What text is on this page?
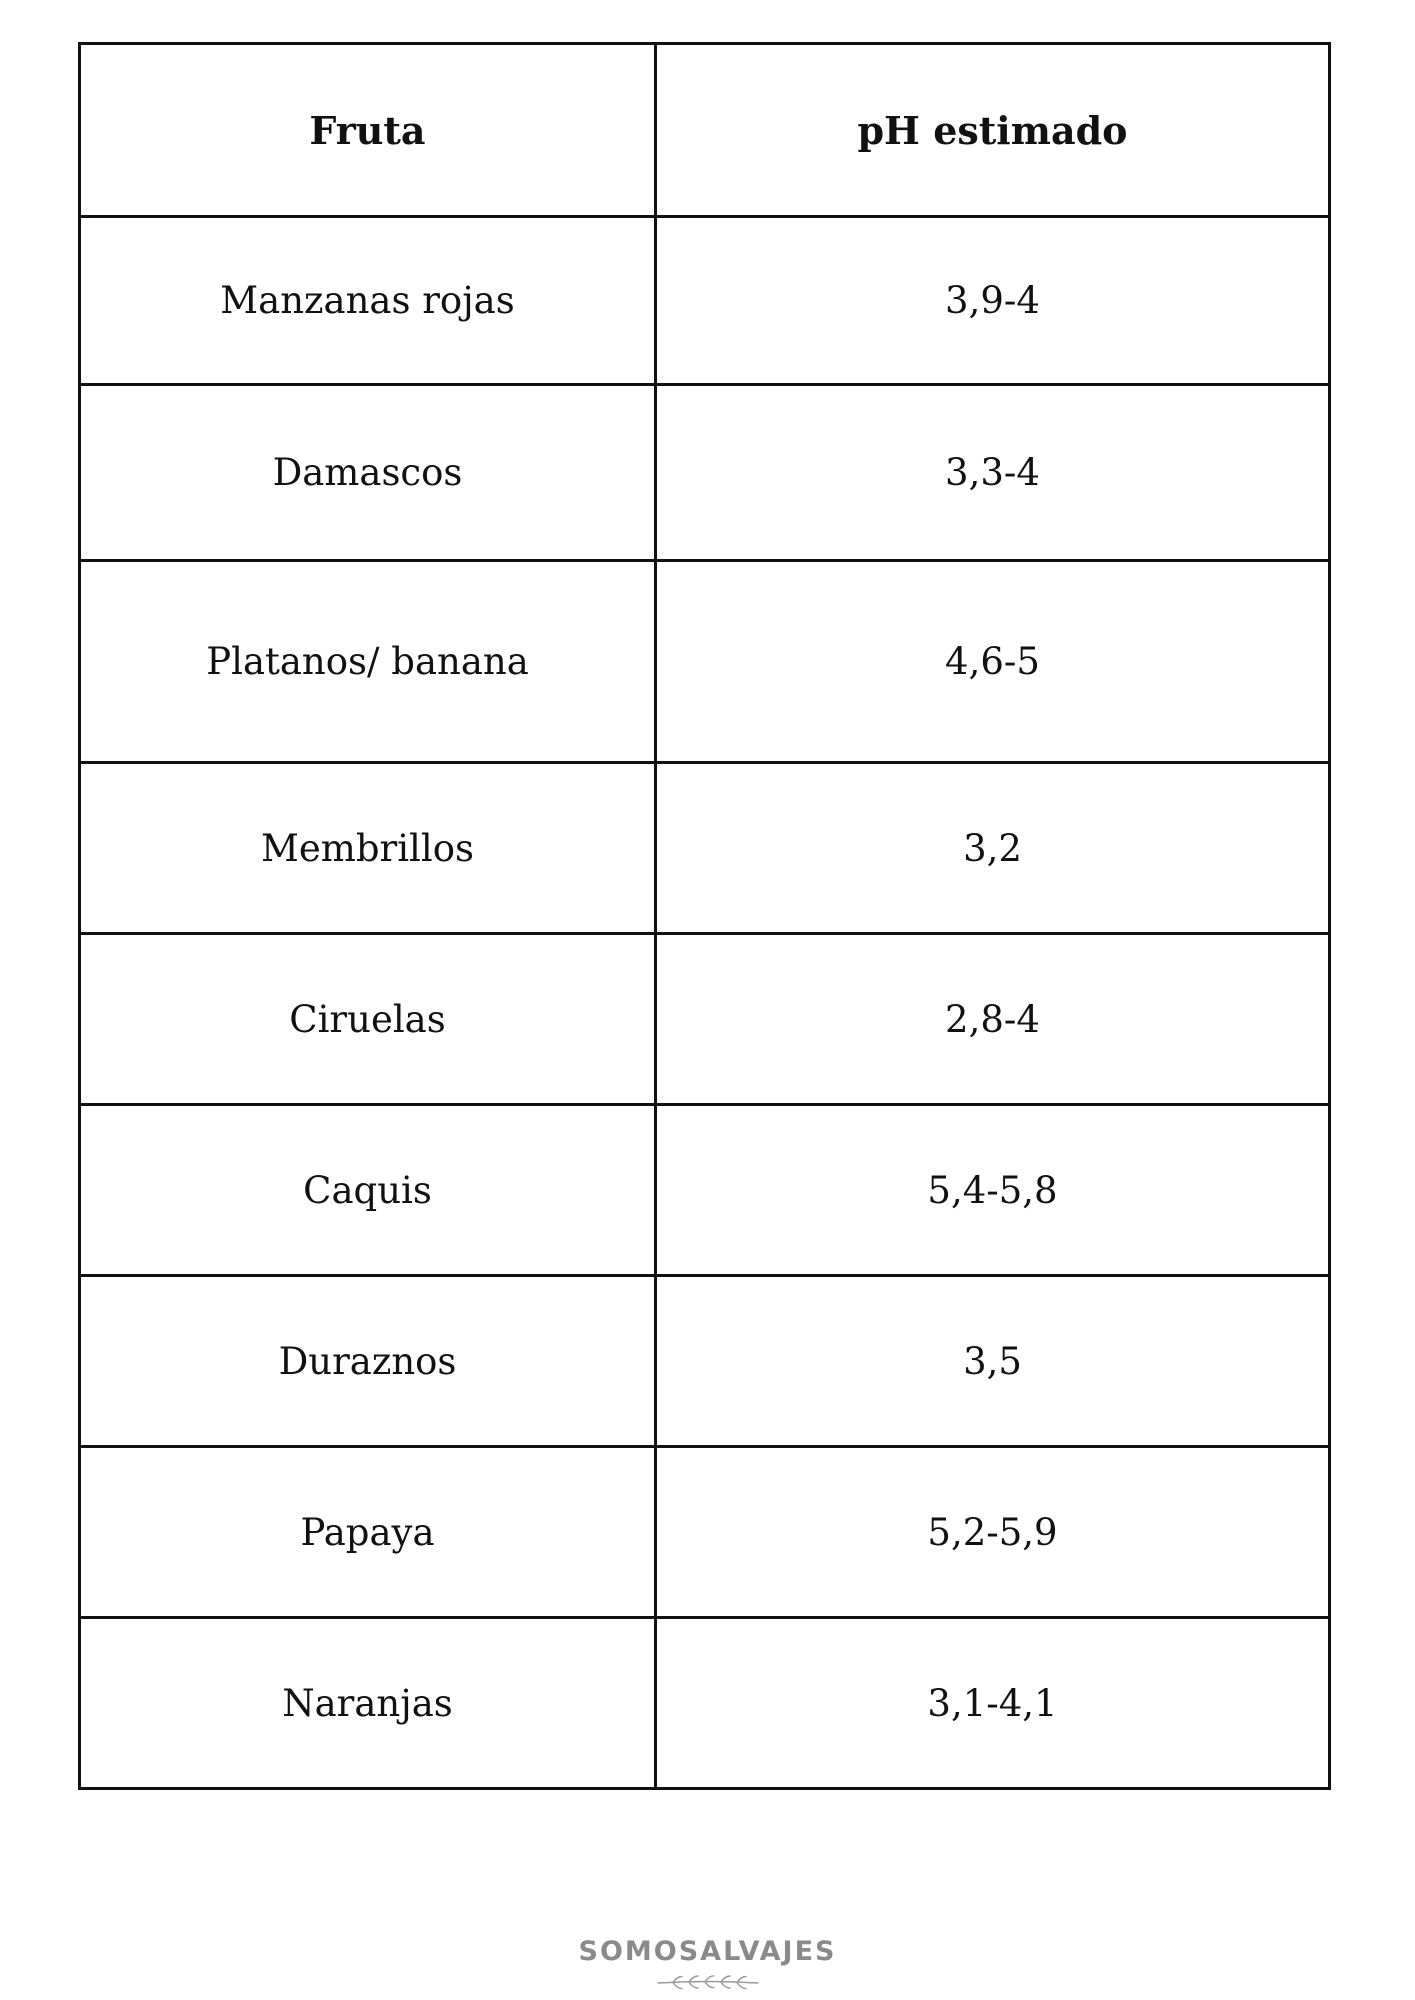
Fruta	pH estimado
Manzanas rojas	3,9-4
Damascos	3,3-4
Platanos/ banana	4,6-5
Membrillos	3,2
Ciruelas	2,8-4
Caquis	5,4-5,8
Duraznos	3,5
Papaya	5,2-5,9
Naranjas	3,1-4,1
SOMOSALVAJES
